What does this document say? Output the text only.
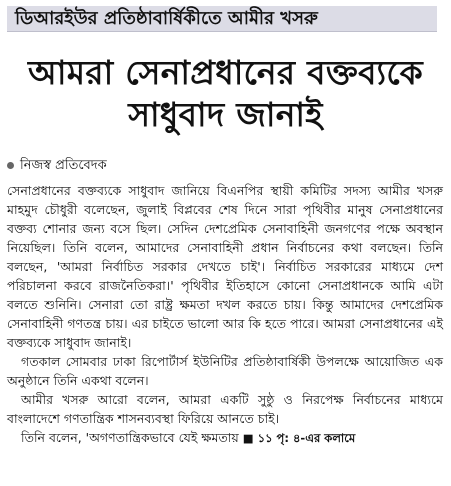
ডিআরইউর প্রতিষ্ঠাবার্ষিকীতে আমীর খসরু
আমরা সেনাপ্রধানের বক্তব্যকে
সাধুবাদ জানাই
নিজস্ব প্রতিবেদক

সেনাপ্রধানের বক্তব্যকে সাধুবাদ জানিয়ে বিএনপির স্থায়ী কমিটির সদস্য আমীর খসরু মাহমুদ চৌধুরী বলেছেন, জুলাই বিপ্লবের শেষ দিনে সারা পৃথিবীর মানুষ সেনাপ্রধানের বক্তব্য শোনার জন্য বসে ছিল। সেদিন দেশপ্রেমিক সেনাবাহিনী জনগণের পক্ষে অবস্থান নিয়েছিল। তিনি বলেন, আমাদের সেনাবাহিনী প্রধান নির্বাচনের কথা বলছেন। তিনি বলছেন, 'আমরা নির্বাচিত সরকার দেখতে চাই'। নির্বাচিত সরকারের মাধ্যমে দেশ পরিচালনা করবে রাজনৈতিকরা।' পৃথিবীর ইতিহাসে কোনো সেনাপ্রধানকে আমি এটা বলতে শুনিনি। সেনারা তো রাষ্ট্র ক্ষমতা দখল করতে চায়। কিন্তু আমাদের দেশপ্রেমিক সেনাবাহিনী গণতন্ত্র চায়। এর চাইতে ভালো আর কি হতে পারে। আমরা সেনাপ্রধানের এই বক্তব্যকে সাধুবাদ জানাই।

গতকাল সোমবার ঢাকা রিপোর্টার্স ইউনিটির প্রতিষ্ঠাবার্ষিকী উপলক্ষে আয়োজিত এক অনুষ্ঠানে তিনি একথা বলেন।

আমীর খসরু আরো বলেন, আমরা একটি সুষ্ঠু ও নিরপেক্ষ নির্বাচনের মাধ্যমে বাংলাদেশে গণতান্ত্রিক শাসনব্যবস্থা ফিরিয়ে আনতে চাই।

তিনি বলেন, 'অগণতান্ত্রিকভাবে যেই ক্ষমতায় ■ ১১ পৃ: ৪-এর কলামে
